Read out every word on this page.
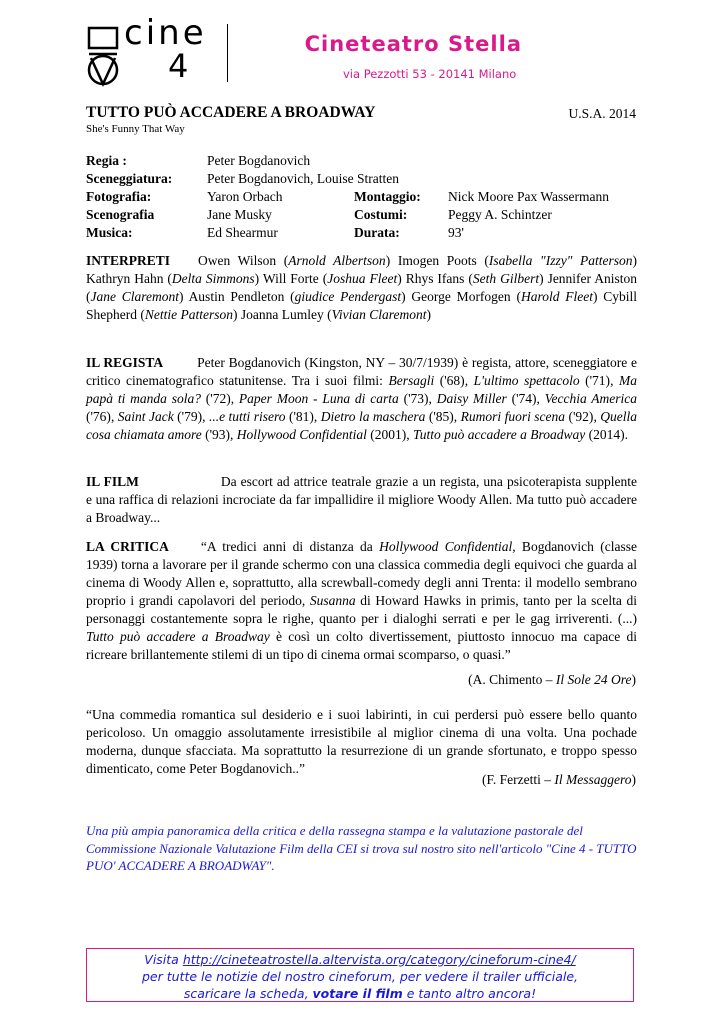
cine
4
Cineteatro Stella
via Pezzotti 53 - 20141 Milano
TUTTO PUÒ ACCADERE A BROADWAY	U.S.A. 2014
She's Funny That Way
Regia :	Peter Bogdanovich
Sceneggiatura:	Peter Bogdanovich, Louise Stratten
Fotografia:	Yaron Orbach	Montaggio: Nick Moore Pax Wassermann
Scenografia	Jane Musky	Costumi:	Peggy A. Schintzer
Musica:	Ed Shearmur	Durata:	93'
INTERPRETI Owen Wilson (Arnold Albertson) Imogen Poots (Isabella "Izzy" Patterson) Kathryn Hahn (Delta Simmons) Will Forte (Joshua Fleet) Rhys Ifans (Seth Gilbert) Jennifer Aniston (Jane Claremont) Austin Pendleton (giudice Pendergast) George Morfogen (Harold Fleet) Cybill Shepherd (Nettie Patterson) Joanna Lumley (Vivian Claremont)
IL REGISTA	Peter Bogdanovich (Kingston, NY – 30/7/1939) è regista, attore, sceneggiatore e critico cinematografico statunitense. Tra i suoi filmi: Bersagli ('68), L'ultimo spettacolo ('71), Ma papà ti manda sola? ('72), Paper Moon - Luna di carta ('73), Daisy Miller ('74), Vecchia America ('76), Saint Jack ('79), ...e tutti risero ('81), Dietro la maschera ('85), Rumori fuori scena ('92), Quella cosa chiamata amore ('93), Hollywood Confidential (2001), Tutto può accadere a Broadway (2014).
IL FILM	Da escort ad attrice teatrale grazie a un regista, una psicoterapista supplente e una raffica di relazioni incrociate da far impallidire il migliore Woody Allen. Ma tutto può accadere a Broadway...
LA CRITICA “A tredici anni di distanza da Hollywood Confidential, Bogdanovich (classe 1939) torna a lavorare per il grande schermo con una classica commedia degli equivoci che guarda al cinema di Woody Allen e, soprattutto, alla screwball-comedy degli anni Trenta: il modello sembrano proprio i grandi capolavori del periodo, Susanna di Howard Hawks in primis, tanto per la scelta di personaggi costantemente sopra le righe, quanto per i dialoghi serrati e per le gag irriverenti. (...) Tutto può accadere a Broadway è così un colto divertissement, piuttosto innocuo ma capace di ricreare brillantemente stilemi di un tipo di cinema ormai scomparso, o quasi.”
(A. Chimento – Il Sole 24 Ore)
“Una commedia romantica sul desiderio e i suoi labirinti, in cui perdersi può essere bello quanto pericoloso. Un omaggio assolutamente irresistibile al miglior cinema di una volta. Una pochade moderna, dunque sfacciata. Ma soprattutto la resurrezione di un grande sfortunato, e troppo spesso dimenticato, come Peter Bogdanovich..”
(F. Ferzetti – Il Messaggero)
Una più ampia panoramica della critica e della rassegna stampa e la valutazione pastorale del Commissione Nazionale Valutazione Film della CEI si trova sul nostro sito nell'articolo "Cine 4 - TUTTO PUO' ACCADERE A BROADWAY".
Visita http://cineteatrostella.altervista.org/category/cineforum-cine4/
per tutte le notizie del nostro cineforum, per vedere il trailer ufficiale,
scaricare la scheda, votare il film e tanto altro ancora!
